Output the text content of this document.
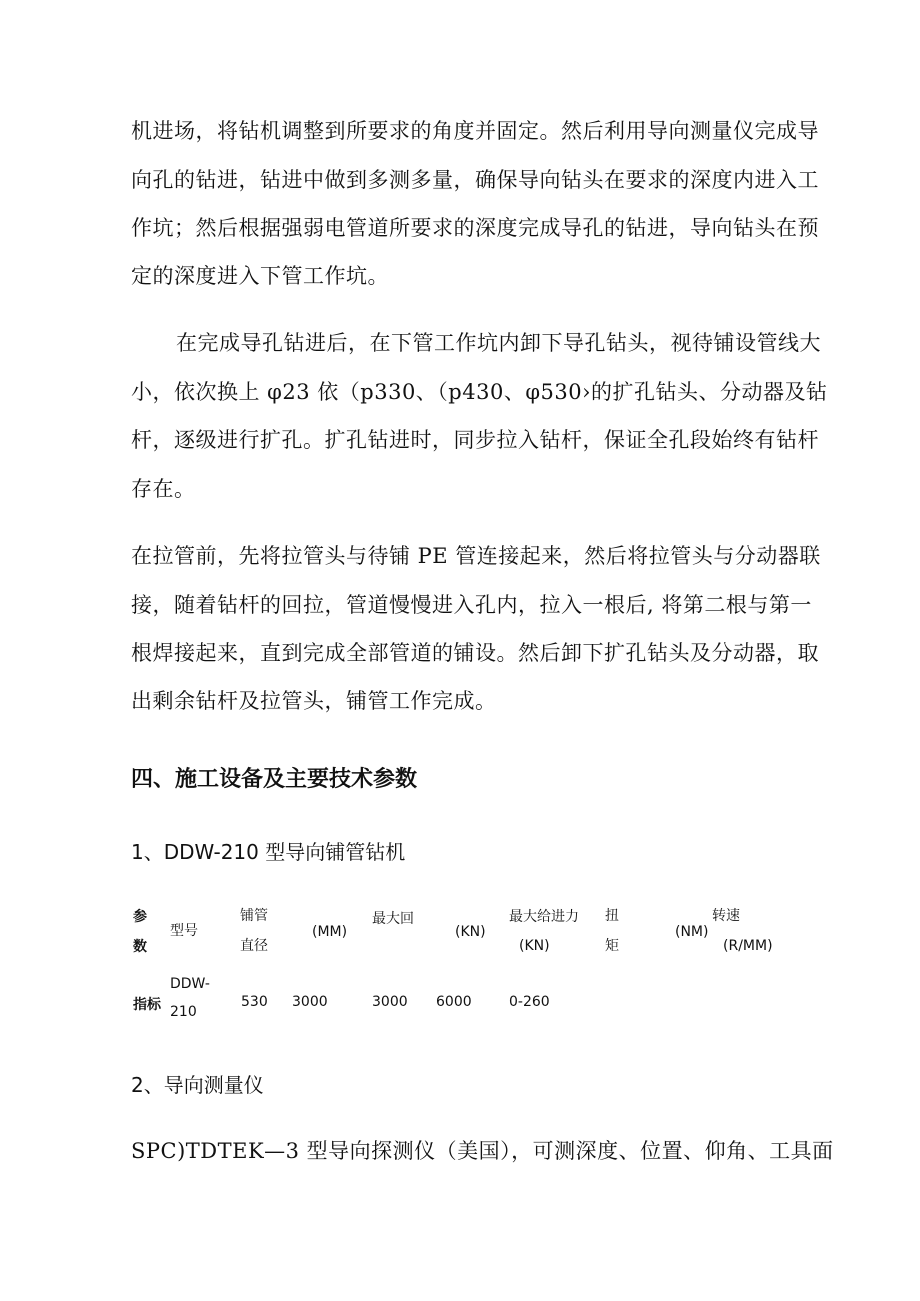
机进场，将钻机调整到所要求的角度并固定。然后利用导向测量仪完成导
向孔的钻进，钻进中做到多测多量，确保导向钻头在要求的深度内进入工
作坑；然后根据强弱电管道所要求的深度完成导孔的钻进，导向钻头在预
定的深度进入下管工作坑。
在完成导孔钻进后，在下管工作坑内卸下导孔钻头，视待铺设管线大
小，依次换上 φ23 依（p330、（p430、φ530›的扩孔钻头、分动器及钻
杆，逐级进行扩孔。扩孔钻进时，同步拉入钻杆，保证全孔段始终有钻杆
存在。
在拉管前，先将拉管头与待铺 PE 管连接起来，然后将拉管头与分动器联
接，随着钻杆的回拉，管道慢慢进入孔内，拉入一根后, 将第二根与第一
根焊接起来，直到完成全部管道的铺设。然后卸下扩孔钻头及分动器，取
出剩余钻杆及拉管头，铺管工作完成。
四、施工设备及主要技术参数
1、DDW-210 型导向铺管钻机
参
数
型号
铺管
直径
(MM)
最大回
(KN)
最大给进力
(KN)
扭
矩
(NM)
转速
(R/MM)
指标
DDW-
210
530 3000	3000 6000	0-260
2、导向测量仪
SPC)TDTEK—3 型导向探测仪（美国），可测深度、位置、仰角、工具面
